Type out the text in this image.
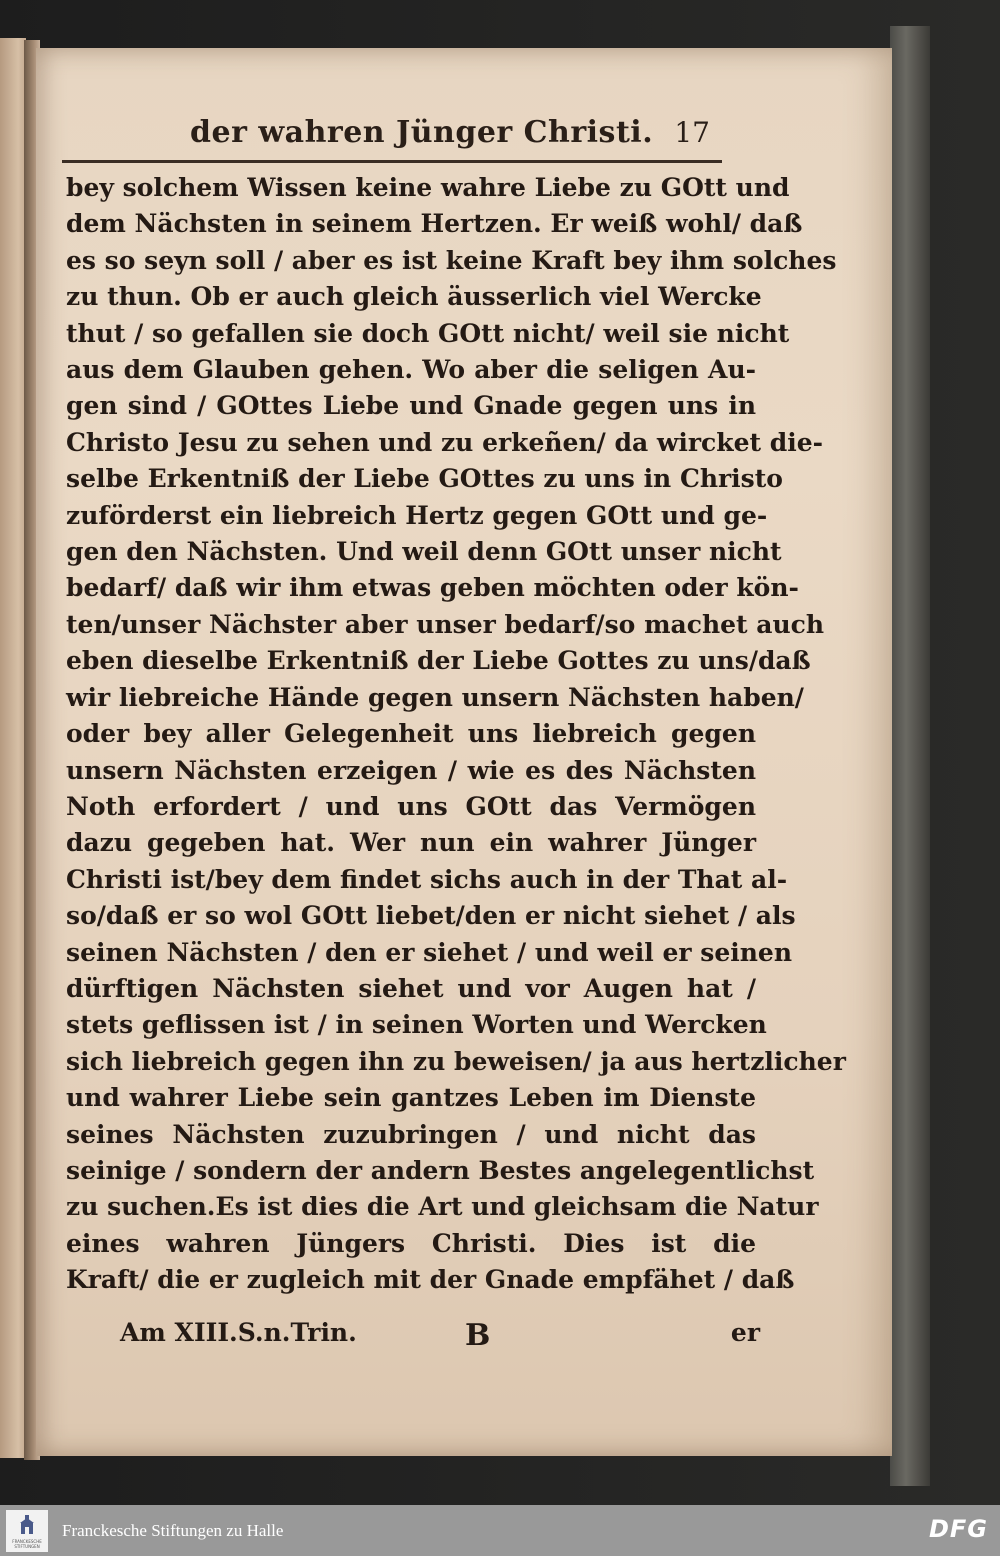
der wahren Jünger Christi. 17
bey solchem Wissen keine wahre Liebe zu GOtt und
dem Nächsten in seinem Hertzen. Er weiß wohl/ daß
es so seyn soll / aber es ist keine Kraft bey ihm solches
zu thun. Ob er auch gleich äusserlich viel Wercke
thut / so gefallen sie doch GOtt nicht/ weil sie nicht
aus dem Glauben gehen. Wo aber die seligen Au-
gen sind / GOttes Liebe und Gnade gegen uns in
Christo Jesu zu sehen und zu erkeñen/ da wircket die-
selbe Erkentniß der Liebe GOttes zu uns in Christo
zuförderst ein liebreich Hertz gegen GOtt und ge-
gen den Nächsten. Und weil denn GOtt unser nicht
bedarf/ daß wir ihm etwas geben möchten oder kön-
ten/unser Nächster aber unser bedarf/so machet auch
eben dieselbe Erkentniß der Liebe Gottes zu uns/daß
wir liebreiche Hände gegen unsern Nächsten haben/
oder bey aller Gelegenheit uns liebreich gegen
unsern Nächsten erzeigen / wie es des Nächsten
Noth erfordert / und uns GOtt das Vermögen
dazu gegeben hat. Wer nun ein wahrer Jünger
Christi ist/bey dem findet sichs auch in der That al-
so/daß er so wol GOtt liebet/den er nicht siehet / als
seinen Nächsten / den er siehet / und weil er seinen
dürftigen Nächsten siehet und vor Augen hat /
stets geflissen ist / in seinen Worten und Wercken
sich liebreich gegen ihn zu beweisen/ ja aus hertzlicher
und wahrer Liebe sein gantzes Leben im Dienste
seines Nächsten zuzubringen / und nicht das
seinige / sondern der andern Bestes angelegentlichst
zu suchen.Es ist dies die Art und gleichsam die Natur
eines wahren Jüngers Christi. Dies ist die
Kraft/ die er zugleich mit der Gnade empfähet / daß
Am XIII.S.n.Trin.	B	er
FRANCKESCHE STIFTUNGEN
Franckesche Stiftungen zu Halle	DFG
